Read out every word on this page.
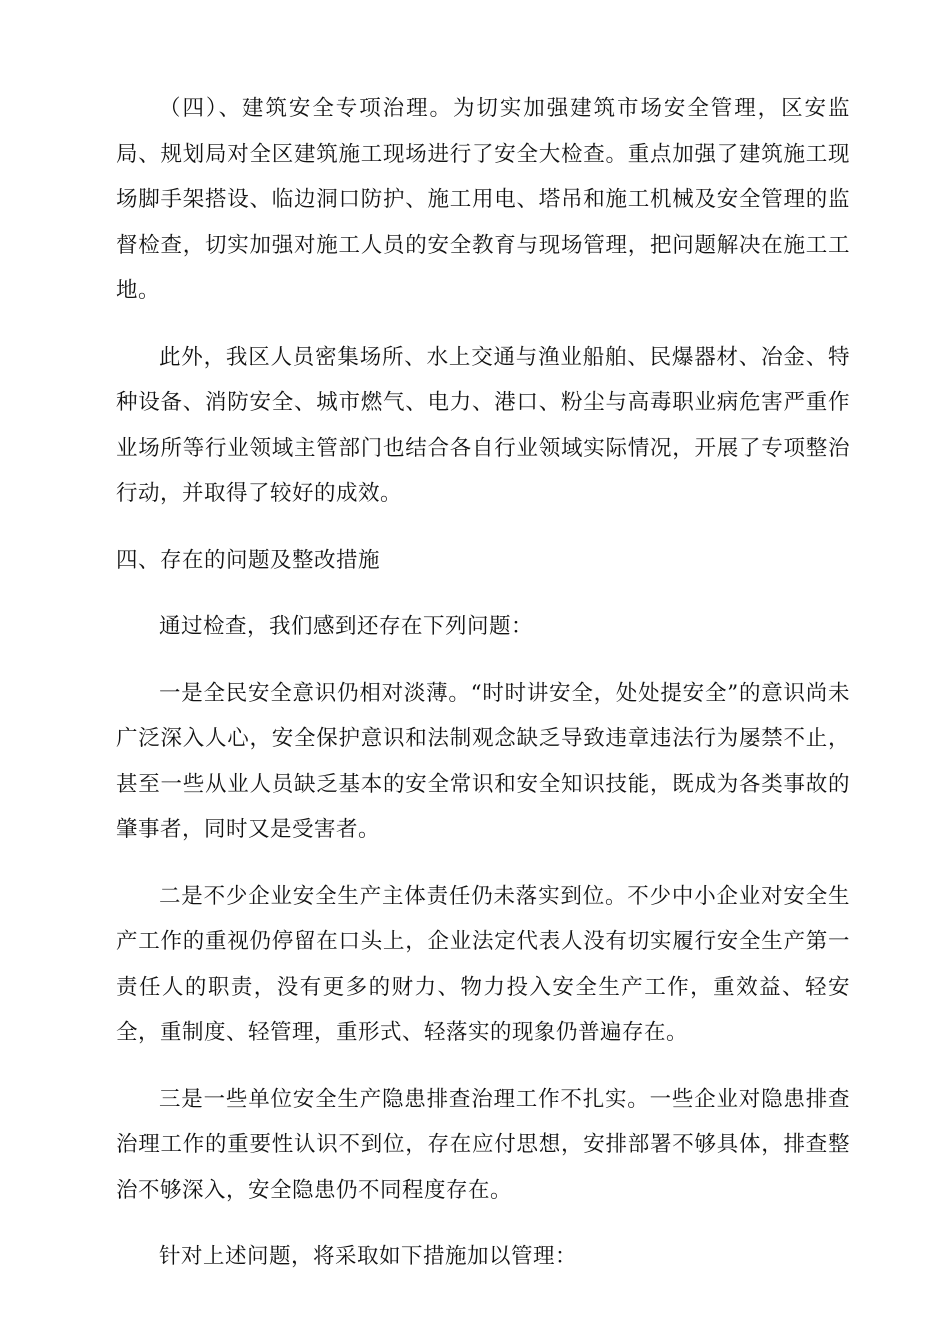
（四）、建筑安全专项治理。为切实加强建筑市场安全管理，区安监局、规划局对全区建筑施工现场进行了安全大检查。重点加强了建筑施工现场脚手架搭设、临边洞口防护、施工用电、塔吊和施工机械及安全管理的监督检查，切实加强对施工人员的安全教育与现场管理，把问题解决在施工工地。

此外，我区人员密集场所、水上交通与渔业船舶、民爆器材、冶金、特种设备、消防安全、城市燃气、电力、港口、粉尘与高毒职业病危害严重作业场所等行业领域主管部门也结合各自行业领域实际情况，开展了专项整治行动，并取得了较好的成效。

四、存在的问题及整改措施

通过检查，我们感到还存在下列问题：

一是全民安全意识仍相对淡薄。“时时讲安全，处处提安全”的意识尚未广泛深入人心，安全保护意识和法制观念缺乏导致违章违法行为屡禁不止，甚至一些从业人员缺乏基本的安全常识和安全知识技能，既成为各类事故的肇事者，同时又是受害者。

二是不少企业安全生产主体责任仍未落实到位。不少中小企业对安全生产工作的重视仍停留在口头上，企业法定代表人没有切实履行安全生产第一责任人的职责，没有更多的财力、物力投入安全生产工作，重效益、轻安全，重制度、轻管理，重形式、轻落实的现象仍普遍存在。

三是一些单位安全生产隐患排查治理工作不扎实。一些企业对隐患排查治理工作的重要性认识不到位，存在应付思想，安排部署不够具体，排查整治不够深入，安全隐患仍不同程度存在。

针对上述问题，将采取如下措施加以管理：
